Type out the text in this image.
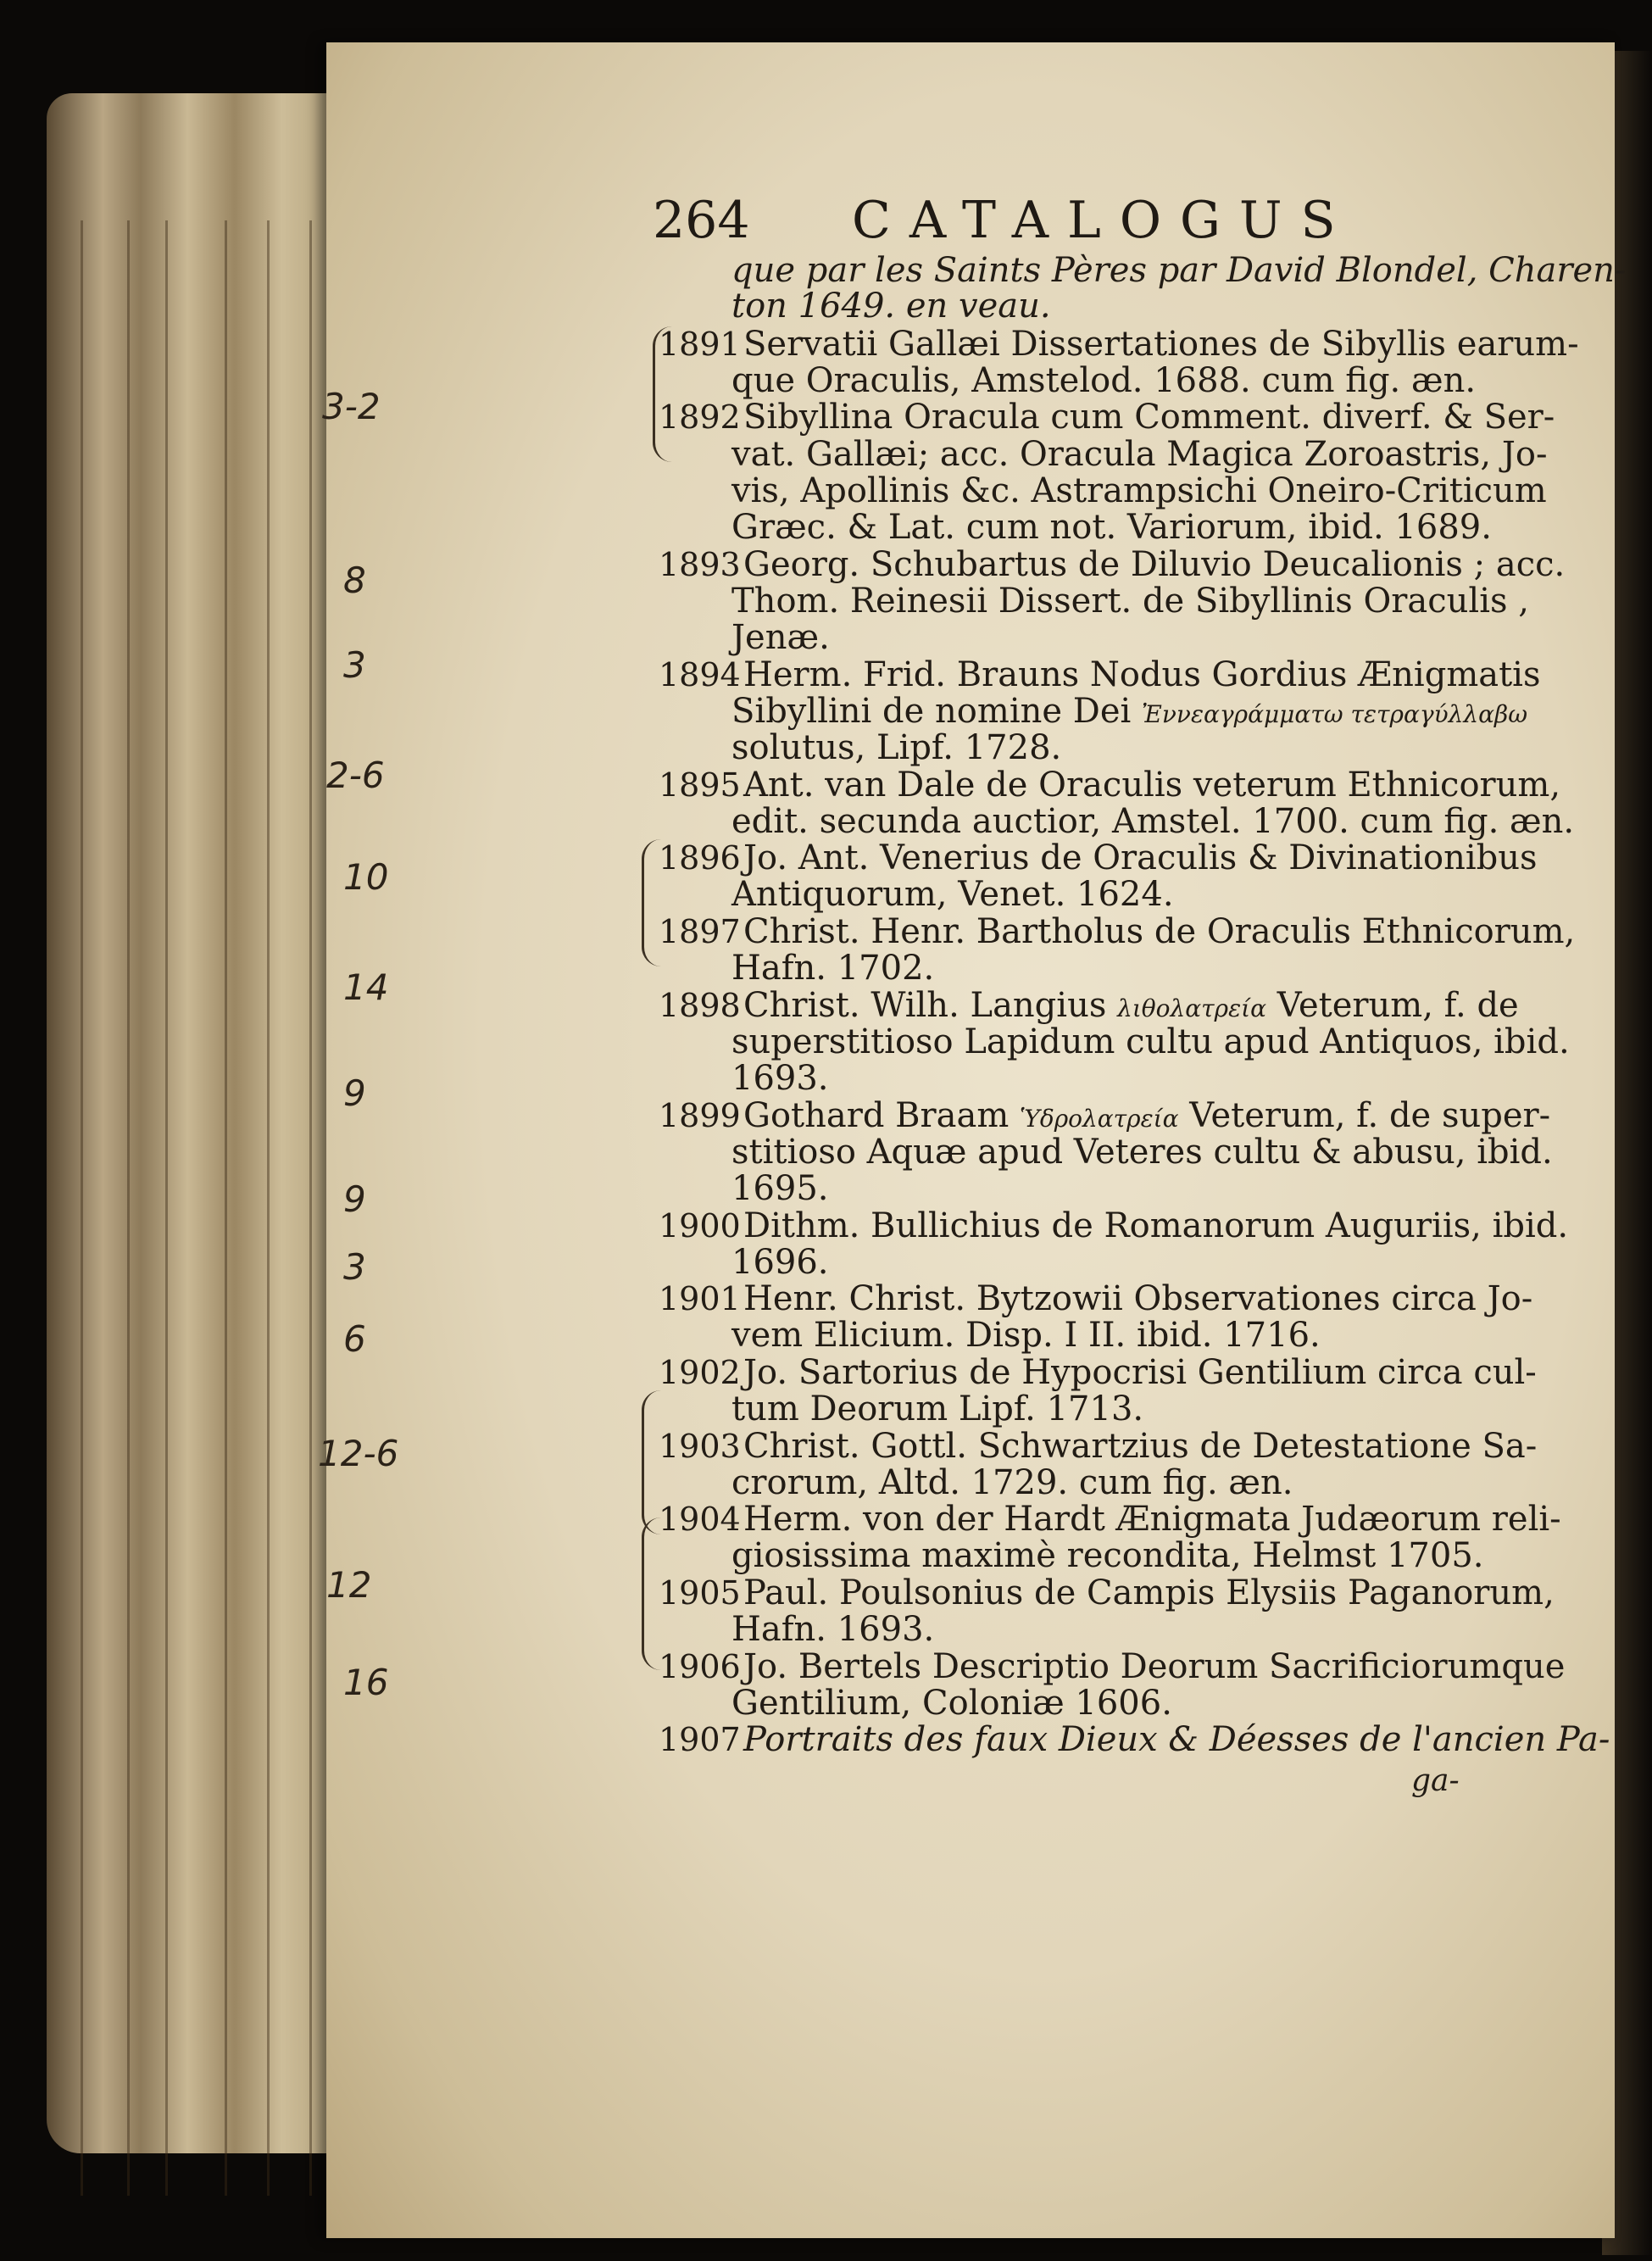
264 CATALOGUS
que par les Saints Pères par David Blondel, Charen-
ton 1649. en veau.
1891 Servatii Gallæi Dissertationes de Sibyllis earum-
que Oraculis, Amstelod. 1688. cum fig. æn.
1892 Sibyllina Oracula cum Comment. diverf. & Ser-
vat. Gallæi; acc. Oracula Magica Zoroastris, Jo-
vis, Apollinis &c. Astrampsichi Oneiro-Criticum
Græc. & Lat. cum not. Variorum, ibid. 1689.
1893 Georg. Schubartus de Diluvio Deucalionis ; acc.
Thom. Reinesii Dissert. de Sibyllinis Oraculis ,
Jenæ.
1894 Herm. Frid. Brauns Nodus Gordius Ænigmatis
Sibyllini de nomine Dei Ἐννεαγράμματω τετραγύλλαβω
solutus, Lipf. 1728.
1895 Ant. van Dale de Oraculis veterum Ethnicorum,
edit. secunda auctior, Amstel. 1700. cum fig. æn.
1896 Jo. Ant. Venerius de Oraculis & Divinationibus
Antiquorum, Venet. 1624.
1897 Christ. Henr. Bartholus de Oraculis Ethnicorum,
Hafn. 1702.
1898 Christ. Wilh. Langius λιθολατρεία Veterum, f. de
superstitioso Lapidum cultu apud Antiquos, ibid.
1693.
1899 Gothard Braam Ὑδρολατρεία Veterum, f. de super-
stitioso Aquæ apud Veteres cultu & abusu, ibid.
1695.
1900 Dithm. Bullichius de Romanorum Auguriis, ibid.
1696.
1901 Henr. Christ. Bytzowii Observationes circa Jo-
vem Elicium. Disp. I II. ibid. 1716.
1902 Jo. Sartorius de Hypocrisi Gentilium circa cul-
tum Deorum Lipf. 1713.
1903 Christ. Gottl. Schwartzius de Detestatione Sa-
crorum, Altd. 1729. cum fig. æn.
1904 Herm. von der Hardt Ænigmata Judæorum reli-
giosissima maximè recondita, Helmst 1705.
1905 Paul. Poulsonius de Campis Elysiis Paganorum,
Hafn. 1693.
1906 Jo. Bertels Descriptio Deorum Sacrificiorumque
Gentilium, Coloniæ 1606.
1907 Portraits des faux Dieux & Déesses de l'ancien Pa-
ga-
3-2
8
3
2-6
10
14
9
9
3
6
12-6
12
16
